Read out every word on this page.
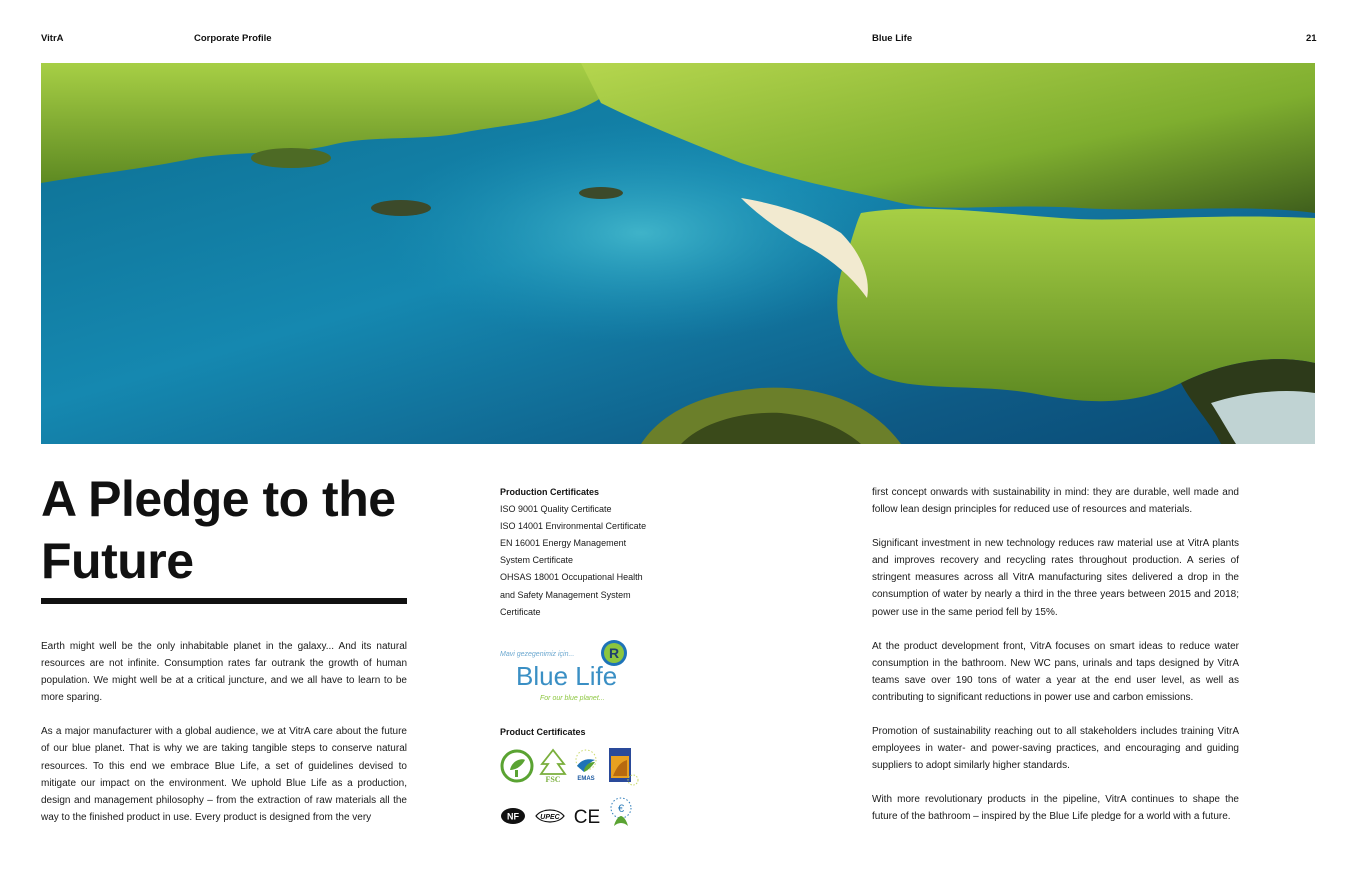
VitrA	Corporate Profile	Blue Life	21
A Pledge to the
Future

Earth might well be the only inhabitable planet in the galaxy... And its natural resources are not infinite. Consumption rates far outrank the growth of human population. We might well be at a critical juncture, and we all have to learn to be more sparing.

As a major manufacturer with a global audience, we at VitrA care about the future of our blue planet. That is why we are taking tangible steps to conserve natural resources. To this end we embrace Blue Life, a set of guidelines devised to mitigate our impact on the environment. We uphold Blue Life as a production, design and management philosophy – from the extraction of raw materials all the way to the finished product in use. Every product is designed from the very

Production Certificates
ISO 9001 Quality Certificate
ISO 14001 Environmental Certificate
EN 16001 Energy Management
System Certificate
OHSAS 18001 Occupational Health
and Safety Management System
Certificate
Mavi gezegenimiz için... R
Blue Life
For our blue planet...
Product Certificates
FSC	EMAS
NF	UPEC CE €

first concept onwards with sustainability in mind: they are durable, well made and follow lean design principles for reduced use of resources and materials.

Significant investment in new technology reduces raw material use at VitrA plants and improves recovery and recycling rates throughout production. A series of stringent measures across all VitrA manufacturing sites delivered a drop in the consumption of water by nearly a third in the three years between 2015 and 2018; power use in the same period fell by 15%.

At the product development front, VitrA focuses on smart ideas to reduce water consumption in the bathroom. New WC pans, urinals and taps designed by VitrA teams save over 190 tons of water a year at the end user level, as well as contributing to significant reductions in power use and carbon emissions.

Promotion of sustainability reaching out to all stakeholders includes training VitrA employees in water- and power-saving practices, and encouraging and guiding suppliers to adopt similarly higher standards.

With more revolutionary products in the pipeline, VitrA continues to shape the future of the bathroom – inspired by the Blue Life pledge for a world with a future.
